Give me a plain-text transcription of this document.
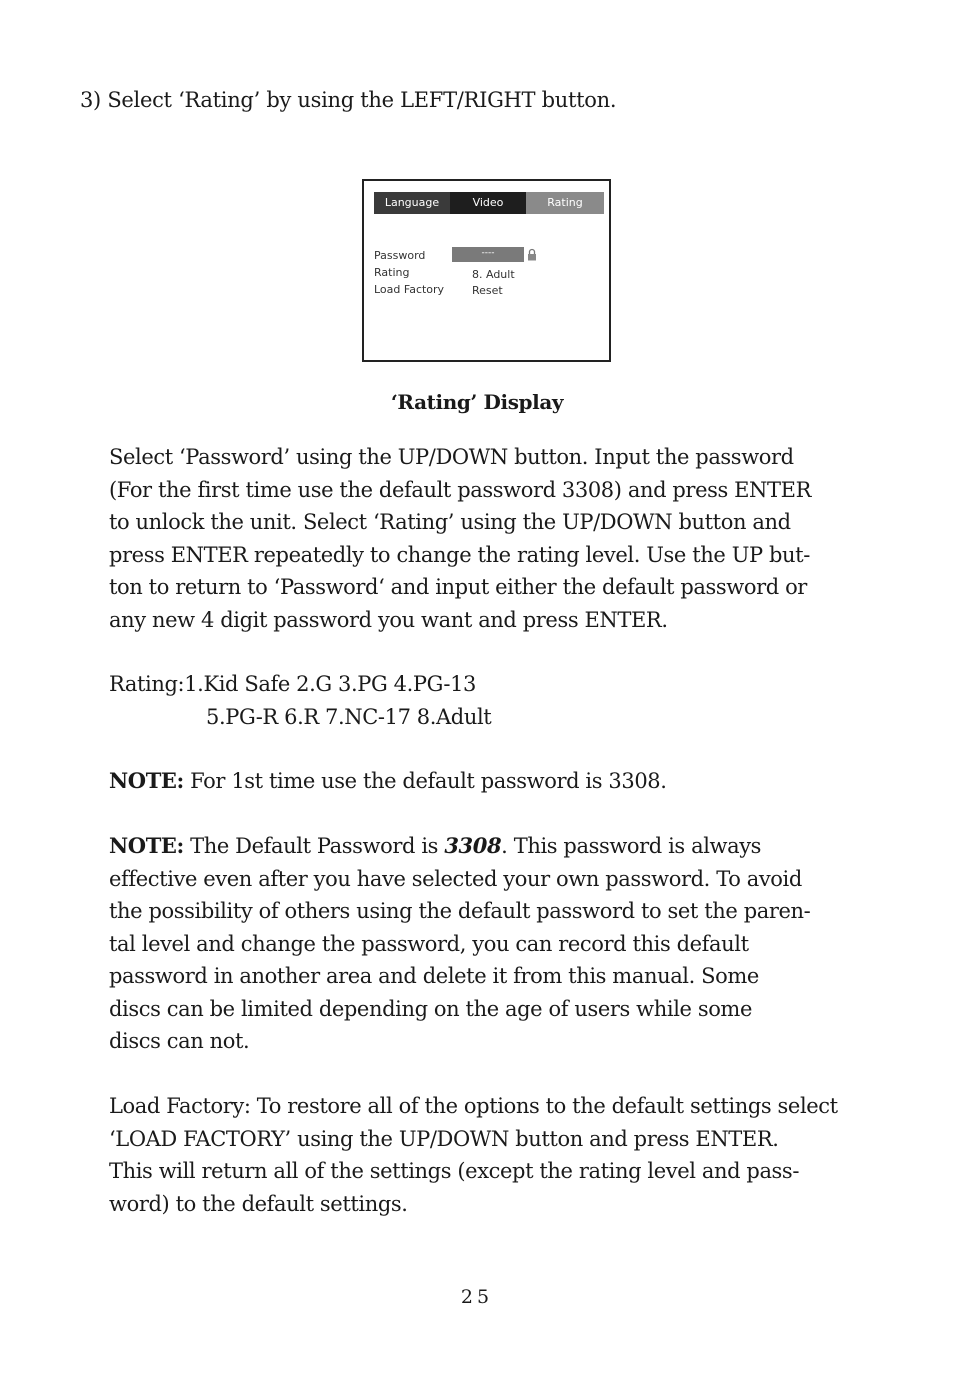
3) Select ‘Rating’ by using the LEFT/RIGHT button.
Language	Video	Rating
Password	----
Rating	8. Adult
Load Factory	Reset
‘Rating’ Display
Select ‘Password’ using the UP/DOWN button. Input the password
(For the first time use the default password 3308) and press ENTER
to unlock the unit. Select ‘Rating’ using the UP/DOWN button and
press ENTER repeatedly to change the rating level. Use the UP but-
ton to return to ‘Password‘ and input either the default password or
any new 4 digit password you want and press ENTER.
Rating:1.Kid Safe 2.G 3.PG 4.PG-13
5.PG-R 6.R 7.NC-17 8.Adult
NOTE: For 1st time use the default password is 3308.
NOTE: The Default Password is 3308. This password is always
effective even after you have selected your own password. To avoid
the possibility of others using the default password to set the paren-
tal level and change the password, you can record this default
password in another area and delete it from this manual. Some
discs can be limited depending on the age of users while some
discs can not.
Load Factory: To restore all of the options to the default settings select
‘LOAD FACTORY’ using the UP/DOWN button and press ENTER.
This will return all of the settings (except the rating level and pass-
word) to the default settings.
25
